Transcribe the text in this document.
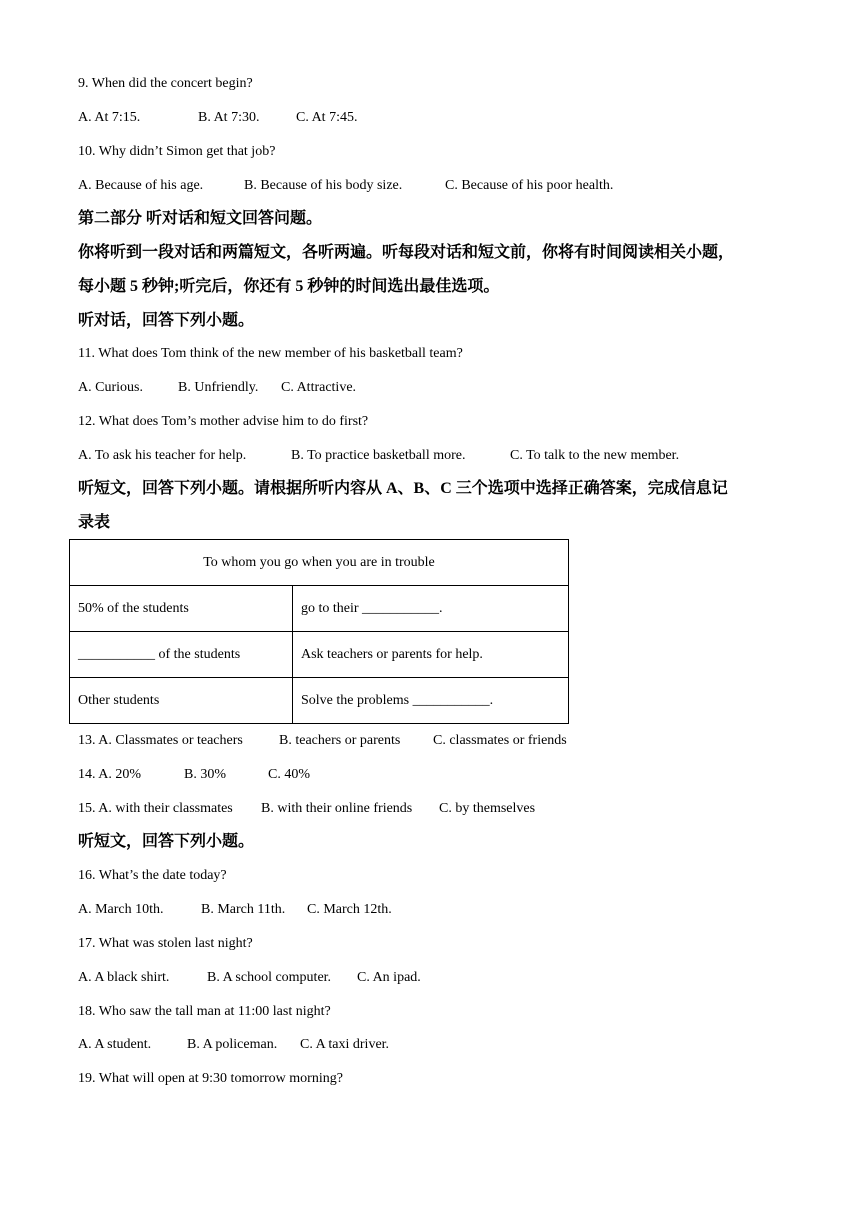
9. When did the concert begin?
A. At 7:15.	B. At 7:30.	C. At 7:45.
10. Why didn’t Simon get that job?
A. Because of his age.	B. Because of his body size.	C. Because of his poor health.
第二部分 听对话和短文回答问题。
你将听到一段对话和两篇短文，各听两遍。听每段对话和短文前，你将有时间阅读相关小题，
每小题 5 秒钟;听完后，你还有 5 秒钟的时间选出最佳选项。
听对话，回答下列小题。
11. What does Tom think of the new member of his basketball team?
A. Curious.	B. Unfriendly. C. Attractive.
12. What does Tom’s mother advise him to do first?
A. To ask his teacher for help.	B. To practice basketball more.	C. To talk to the new member.
听短文，回答下列小题。请根据所听内容从 A、B、C 三个选项中选择正确答案，完成信息记
录表
To whom you go when you are in trouble	
50% of the students	go to their ___________.
___________ of the students	Ask teachers or parents for help.
Other students	Solve the problems ___________.
13. A. Classmates or teachers	B. teachers or parents C. classmates or friends
14. A. 20%	B. 30%	C. 40%
15. A. with their classmates B. with their online friends C. by themselves
听短文，回答下列小题。
16. What’s the date today?
A. March 10th.	B. March 11th. C. March 12th.
17. What was stolen last night?
A. A black shirt.	B. A school computer. C. An ipad.
18. Who saw the tall man at 11:00 last night?
A. A student.	B. A policeman. C. A taxi driver.
19. What will open at 9:30 tomorrow morning?
